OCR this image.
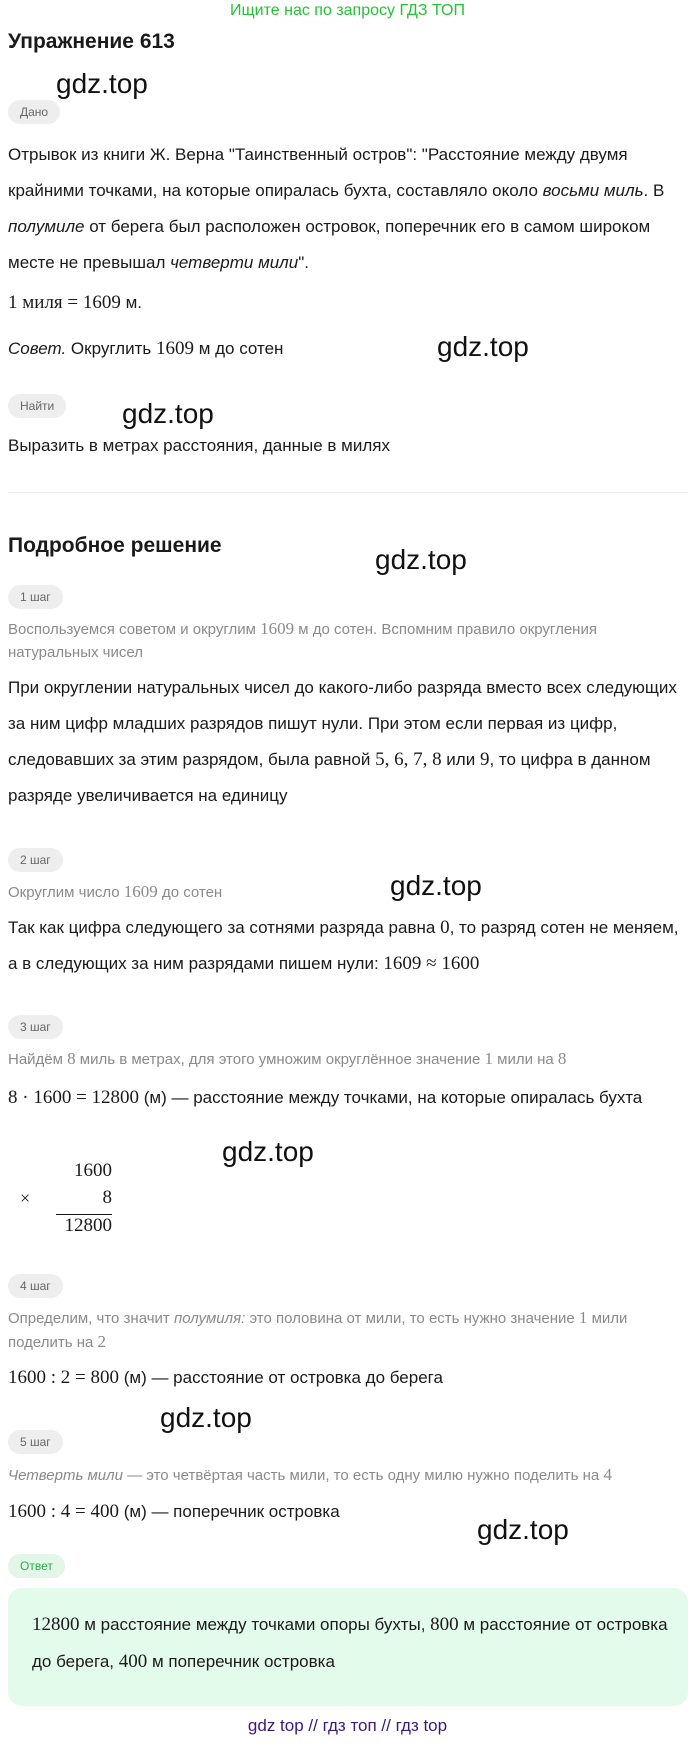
Ищите нас по запросу ГДЗ ТОП
Упражнение 613
gdz.top
Дано
Отрывок из книги Ж. Верна "Таинственный остров": "Расстояние между двумя крайними точками, на которые опиралась бухта, составляло около восьми миль. В полумиле от берега был расположен островок, поперечник его в самом широком месте не превышал четверти мили".
1 миля = 1609 м.
Совет. Округлить 1609 м до сотен	gdz.top
Найти	gdz.top
Выразить в метрах расстояния, данные в милях
Подробное решение	gdz.top
1 шаг
Воспользуемся советом и округлим 1609 м до сотен. Вспомним правило округления натуральных чисел
При округлении натуральных чисел до какого-либо разряда вместо всех следующих за ним цифр младших разрядов пишут нули. При этом если первая из цифр, следовавших за этим разрядом, была равной 5, 6, 7, 8 или 9, то цифра в данном разряде увеличивается на единицу
2 шаг
Округлим число 1609 до сотен	gdz.top
Так как цифра следующего за сотнями разряда равна 0, то разряд сотен не меняем, а в следующих за ним разрядами пишем нули: 1609 ≈ 1600
3 шаг
Найдём 8 миль в метрах, для этого умножим округлённое значение 1 мили на 8
8 · 1600 = 12800 (м) — расстояние между точками, на которые опиралась бухта
gdz.top
1600
×	8
12800
4 шаг
Определим, что значит полумиля: это половина от мили, то есть нужно значение 1 мили поделить на 2
1600 : 2 = 800 (м) — расстояние от островка до берега
gdz.top
5 шаг
Четверть мили — это четвёртая часть мили, то есть одну милю нужно поделить на 4
1600 : 4 = 400 (м) — поперечник островка
gdz.top
Ответ
12800 м расстояние между точками опоры бухты, 800 м расстояние от островка до берега, 400 м поперечник островка
gdz top // гдз топ // гдз top
